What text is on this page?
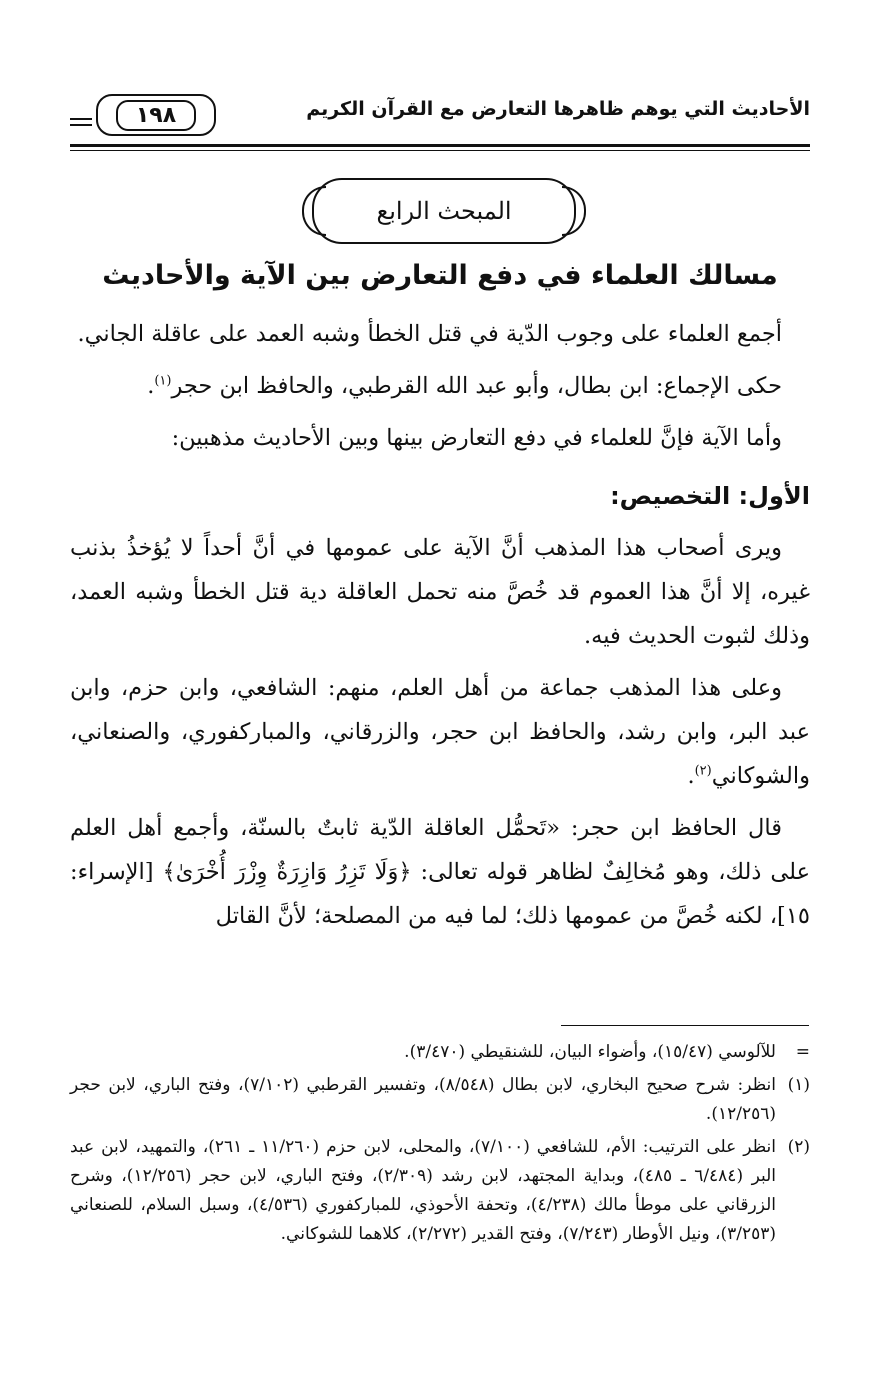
الأحاديث التي يوهم ظاهرها التعارض مع القرآن الكريم
١٩٨
المبحث الرابع
مسالك العلماء في دفع التعارض بين الآية والأحاديث

أجمع العلماء على وجوب الدّية في قتل الخطأ وشبه العمد على عاقلة الجاني.

حكى الإجماع: ابن بطال، وأبو عبد الله القرطبي، والحافظ ابن حجر$^{(١)}$.

وأما الآية فإنَّ للعلماء في دفع التعارض بينها وبين الأحاديث مذهبين:

الأول: التخصيص:

ويرى أصحاب هذا المذهب أنَّ الآية على عمومها في أنَّ أحداً لا يُؤخذُ بذنب غيره، إلا أنَّ هذا العموم قد خُصَّ منه تحمل العاقلة دية قتل الخطأ وشبه العمد، وذلك لثبوت الحديث فيه.

وعلى هذا المذهب جماعة من أهل العلم، منهم: الشافعي، وابن حزم، وابن عبد البر، وابن رشد، والحافظ ابن حجر، والزرقاني، والمباركفوري، والصنعاني، والشوكاني$^{(٢)}$.

قال الحافظ ابن حجر: «تَحمُّل العاقلة الدّية ثابتٌ بالسنّة، وأجمع أهل العلم على ذلك، وهو مُخالِفٌ لظاهر قوله تعالى: ﴿وَلَا تَزِرُ وَازِرَةٌ وِزْرَ أُخْرَىٰ﴾ [الإسراء: ١٥]، لكنه خُصَّ من عمومها ذلك؛ لما فيه من المصلحة؛ لأنَّ القاتل

=
للآلوسي (١٥/٤٧)، وأضواء البيان، للشنقيطي (٣/٤٧٠).
(١)
انظر: شرح صحيح البخاري، لابن بطال (٨/٥٤٨)، وتفسير القرطبي (٧/١٠٢)، وفتح الباري، لابن حجر (١٢/٢٥٦).
(٢)
انظر على الترتيب: الأم، للشافعي (٧/١٠٠)، والمحلى، لابن حزم (١١/٢٦٠ ـ ٢٦١)، والتمهيد، لابن عبد البر (٦/٤٨٤ ـ ٤٨٥)، وبداية المجتهد، لابن رشد (٢/٣٠٩)، وفتح الباري، لابن حجر (١٢/٢٥٦)، وشرح الزرقاني على موطأ مالك (٤/٢٣٨)، وتحفة الأحوذي، للمباركفوري (٤/٥٣٦)، وسبل السلام، للصنعاني (٣/٢٥٣)، ونيل الأوطار (٧/٢٤٣)، وفتح القدير (٢/٢٧٢)، كلاهما للشوكاني.
